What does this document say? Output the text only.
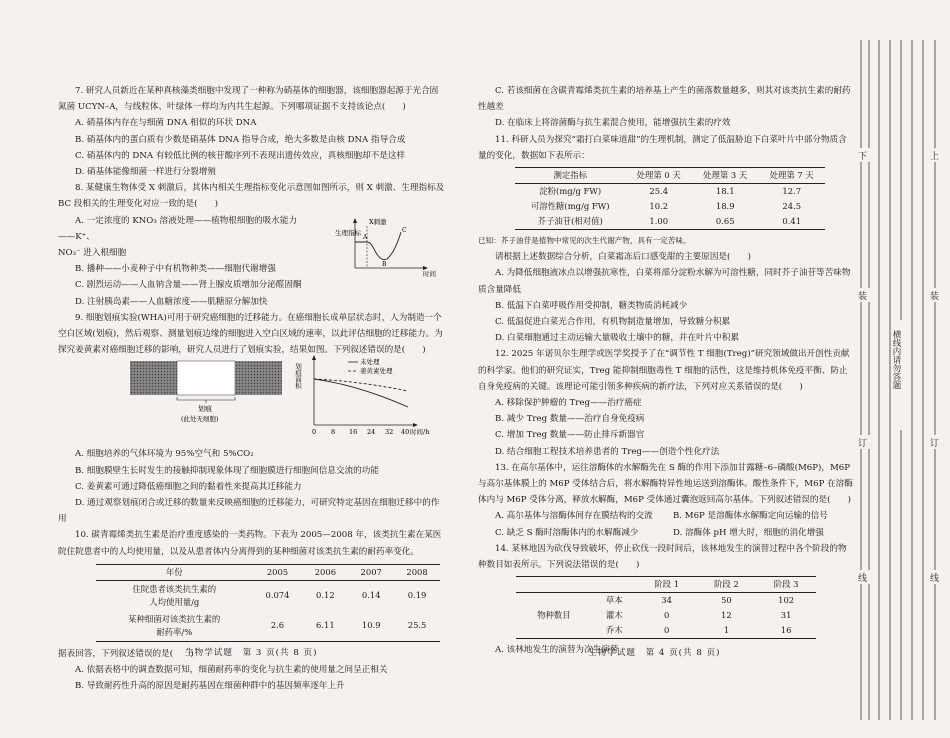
7. 研究人员新近在某种真核藻类细胞中发现了一种称为硝基体的细胞器，该细胞器起源于光合固氮菌 UCYN–A，与线粒体、叶绿体一样均为内共生起源。下列哪项证据不支持该论点(　　)

A. 硝基体内存在与细菌 DNA 相似的环状 DNA

B. 硝基体内的蛋白质有少数是硝基体 DNA 指导合成，绝大多数是由核 DNA 指导合成

C. 硝基体内的 DNA 有较低比例的核苷酸序列不表现出遗传效应，真核细胞却不是这样

D. 硝基体能像细菌一样进行分裂增殖

8. 某健康生物体受 X 刺激后，其体内相关生理指标变化示意图如图所示，则 X 刺激、生理指标及 BC 段相关的生理变化对应一致的是(　　)

A. 一定浓度的 KNO₃ 溶液处理——植物根细胞的吸水能力——K⁺、

NO₃⁻ 进入根细胞

B. 播种——小麦种子中有机物种类——细胞代谢增强

C. 剧烈运动——人血钠含量——肾上腺皮质增加分泌醛固酮

D. 注射胰岛素——人血糖浓度——肌糖原分解加快

9. 细胞划痕实验(WHA)可用于研究癌细胞的迁移能力。在癌细胞长成单层状态时，人为制造一个空白区域(划痕)，然后观察、测量划痕边缘的细胞进入空白区域的速率，以此评估细胞的迁移能力。为探究姜黄素对癌细胞迁移的影响，研究人员进行了划痕实验，结果如图。下列叙述错误的是(　　)

A. 细胞培养的气体环境为 95%空气和 5%CO₂

B. 细胞膜壁生长时发生的接触抑制现象体现了细胞膜进行细胞间信息交流的功能

C. 姜黄素可通过降低癌细胞之间的黏着性来提高其迁移能力

D. 通过观察划痕闭合或迁移的数量来反映癌细胞的迁移能力，可研究特定基因在细胞迁移中的作用

10. 碳青霉烯类抗生素是治疗重度感染的一类药物。下表为 2005—2008 年，该类抗生素在某医院住院患者中的人均使用量，以及从患者体内分离得到的某种细菌对该类抗生素的耐药率变化。

年份	2005	2006	2007	2008

住院患者该类抗生素的
人均使用量/g	0.074	0.12	0.14	0.19

某种细菌对该类抗生素的
耐药率/%	2.6	6.11	10.9	25.5

据表回答，下列叙述错误的是(　　)

A. 依据表格中的调查数据可知，细菌耐药率的变化与抗生素的使用量之间呈正相关

B. 导致耐药性升高的原因是耐药基因在细菌种群中的基因频率逐年上升

X刺激
生理指标
A
B
C
时间
划痕
(此处无细胞)
划痕面积
未处理
姜黄素处理
0 8 16 24 32 40 时间/h
生物学试题　第 3 页(共 8 页)

C. 若该细菌在含碳青霉烯类抗生素的培养基上产生的菌落数量越多，则其对该类抗生素的耐药性越差

D. 在临床上将溶菌酶与抗生素混合使用，能增强抗生素的疗效

11. 科研人员为探究“霜打白菜味道甜”的生理机制，测定了低温胁迫下白菜叶片中部分物质含量的变化，数据如下表所示：

测定指标	处理第 0 天	处理第 3 天	处理第 7 天
淀粉(mg/g FW)	25.4	18.1	12.7
可溶性糖(mg/g FW)	10.2	18.9	24.5
芥子油苷(相对值)	1.00	0.65	0.41

已知：芥子油苷是植物中常见的次生代谢产物，具有一定苦味。

请根据上述数据综合分析，白菜霜冻后口感变甜的主要原因是(　　)

A. 为降低细胞液冰点以增强抗寒性，白菜将部分淀粉水解为可溶性糖，同时芥子油苷等苦味物质含量降低

B. 低温下白菜呼吸作用受抑制，糖类物质消耗减少

C. 低温促进白菜光合作用，有机物制造量增加，导致糖分积累

D. 白菜细胞通过主动运输大量吸收土壤中的糖，并在叶片中积累

12. 2025 年诺贝尔生理学或医学奖授予了在“调节性 T 细胞(Treg)”研究领域做出开创性贡献的科学家。他们的研究证实，Treg 能抑制细胞毒性 T 细胞的活性，这是维持机体免疫平衡、防止自身免疫病的关键。该理论可能引领多种疾病的新疗法，下列对应关系错误的是(　　)

A. 移除保护肿瘤的 Treg——治疗癌症

B. 减少 Treg 数量——治疗自身免疫病

C. 增加 Treg 数量——防止排斥新器官

D. 结合细胞工程技术培养患者的 Treg——创造个性化疗法

13. 在高尔基体中，运往溶酶体的水解酶先在 S 酶的作用下添加甘露糖–6–磷酸(M6P)，M6P 与高尔基体膜上的 M6P 受体结合后，将水解酶特异性地运送到溶酶体。酸性条件下，M6P 在溶酶体内与 M6P 受体分离，释放水解酶，M6P 受体通过囊泡返回高尔基体。下列叙述错误的是(　　)

A. 高尔基体与溶酶体间存在膜结构的交流	B. M6P 是溶酶体水解酶定向运输的信号

C. 缺乏 S 酶时溶酶体内的水解酶减少	D. 溶酶体 pH 增大时，细胞的消化增强

14. 某林地因为砍伐导致破坏，停止砍伐一段时间后，该林地发生的演替过程中各个阶段的物种数目如表所示。下列说法错误的是(　　)

		阶段 1	阶段 2	阶段 3
物种数目	草本	34	50	102
	灌木	0	12	31
	乔木	0	1	16

A. 该林地发生的演替为次生演替

生物学试题　第 4 页(共 8 页)
下	上
装	装
横线内请勿答题
订	订
线	线
